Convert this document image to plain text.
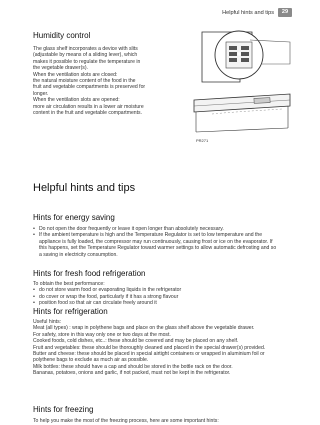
Helpful hints and tips	29
Humidity control

The glass shelf incorporates a device with slits

(adjustable by means of a sliding lever), which

makes it possible to regulate the temperature in

the vegetable drawer(s).

When the ventilation slots are closed:

the natural moisture content of the food in the

fruit and vegetable compartments is preserved for

longer.

When the ventilation slots are opened:

more air circulation results in a lower air moisture

content in the fruit and vegetable compartments.

PR271
Helpful hints and tips
Hints for energy saving
• Do not open the door frequently or leave it open longer than absolutely necessary.
• If the ambient temperature is high and the Temperature Regulator is set to low temperature and the appliance is fully loaded, the compressor may run continuously, causing frost or ice on the evaporator. If this happens, set the Temperature Regulator toward warmer settings to allow automatic defrosting and so a saving in electricity consumption.
Hints for fresh food refrigeration

To obtain the best performance:

• do not store warm food or evaporating liquids in the refrigerator
• do cover or wrap the food, particularly if it has a strong flavour
• position food so that air can circulate freely around it
Hints for refrigeration

Useful hints:

Meat (all types) : wrap in polythene bags and place on the glass shelf above the vegetable drawer.

For safety, store in this way only one or two days at the most.

Cooked foods, cold dishes, etc..: these should be covered and may be placed on any shelf.

Fruit and vegetables: these should be thoroughly cleaned and placed in the special drawer(s) provided.

Butter and cheese: these should be placed in special airtight containers or wrapped in aluminium foil or polythene bags to exclude as much air as possible.

Milk bottles: these should have a cap and should be stored in the bottle rack on the door.

Bananas, potatoes, onions and garlic, if not packed, must not be kept in the refrigerator.

Hints for freezing

To help you make the most of the freezing process, here are some important hints:
